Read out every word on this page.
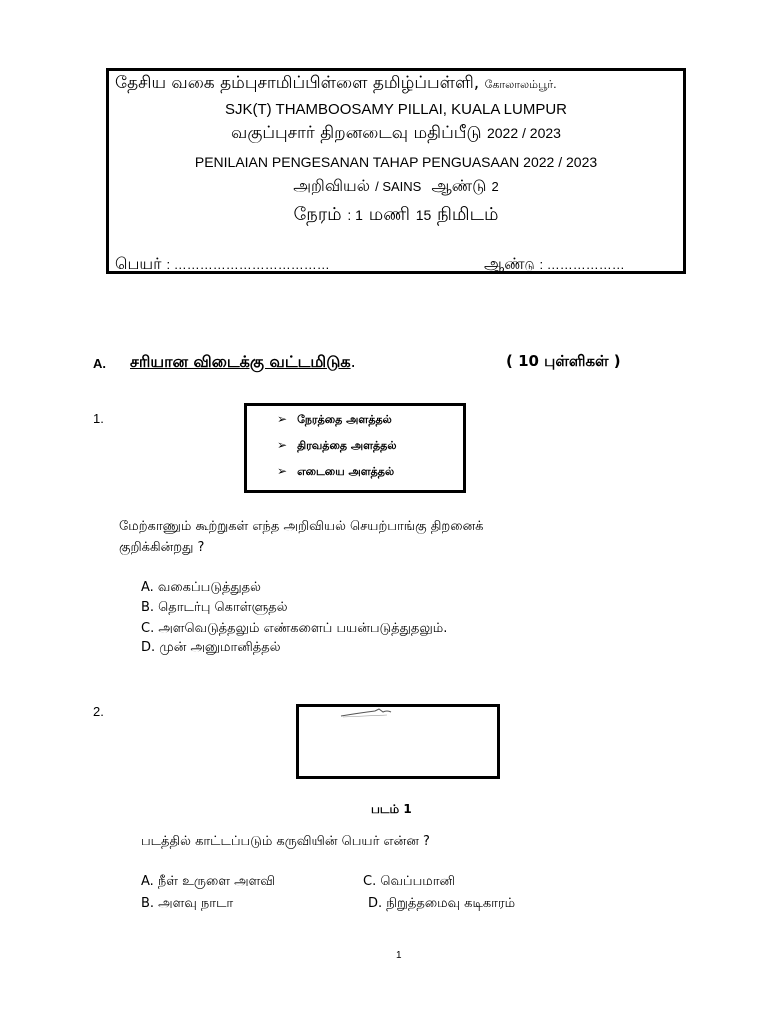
தேசிய வகை தம்புசாமிப்பிள்ளை தமிழ்ப்பள்ளி, கோலாலம்பூர்.
SJK(T) THAMBOOSAMY PILLAI, KUALA LUMPUR
வகுப்புசார் திறனடைவு மதிப்பீடு 2022 / 2023
PENILAIAN PENGESANAN TAHAP PENGUASAAN 2022 / 2023
அறிவியல் / SAINS ஆண்டு 2
நேரம் : 1 மணி 15 நிமிடம்
பெயர் : ………………………………	ஆண்டு : ………………
A. சரியான விடைக்கு வட்டமிடுக.	( 10 புள்ளிகள் )
1.	➢ நேரத்தை அளத்தல்
➢ திரவத்தை அளத்தல்
➢ எடையை அளத்தல்
மேற்காணும் கூற்றுகள் எந்த அறிவியல் செயற்பாங்கு திறனைக்
குறிக்கின்றது ?
A. வகைப்படுத்துதல்
B. தொடர்பு கொள்ளுதல்
C. அளவெடுத்தலும் எண்களைப் பயன்படுத்துதலும்.
D. முன் அனுமானித்தல்
2.
படம் 1
படத்தில் காட்டப்படும் கருவியின் பெயர் என்ன ?
A. நீள் உருளை அளவி	C. வெப்பமானி
B. அளவு நாடா	D. நிறுத்தமைவு கடிகாரம்
1
